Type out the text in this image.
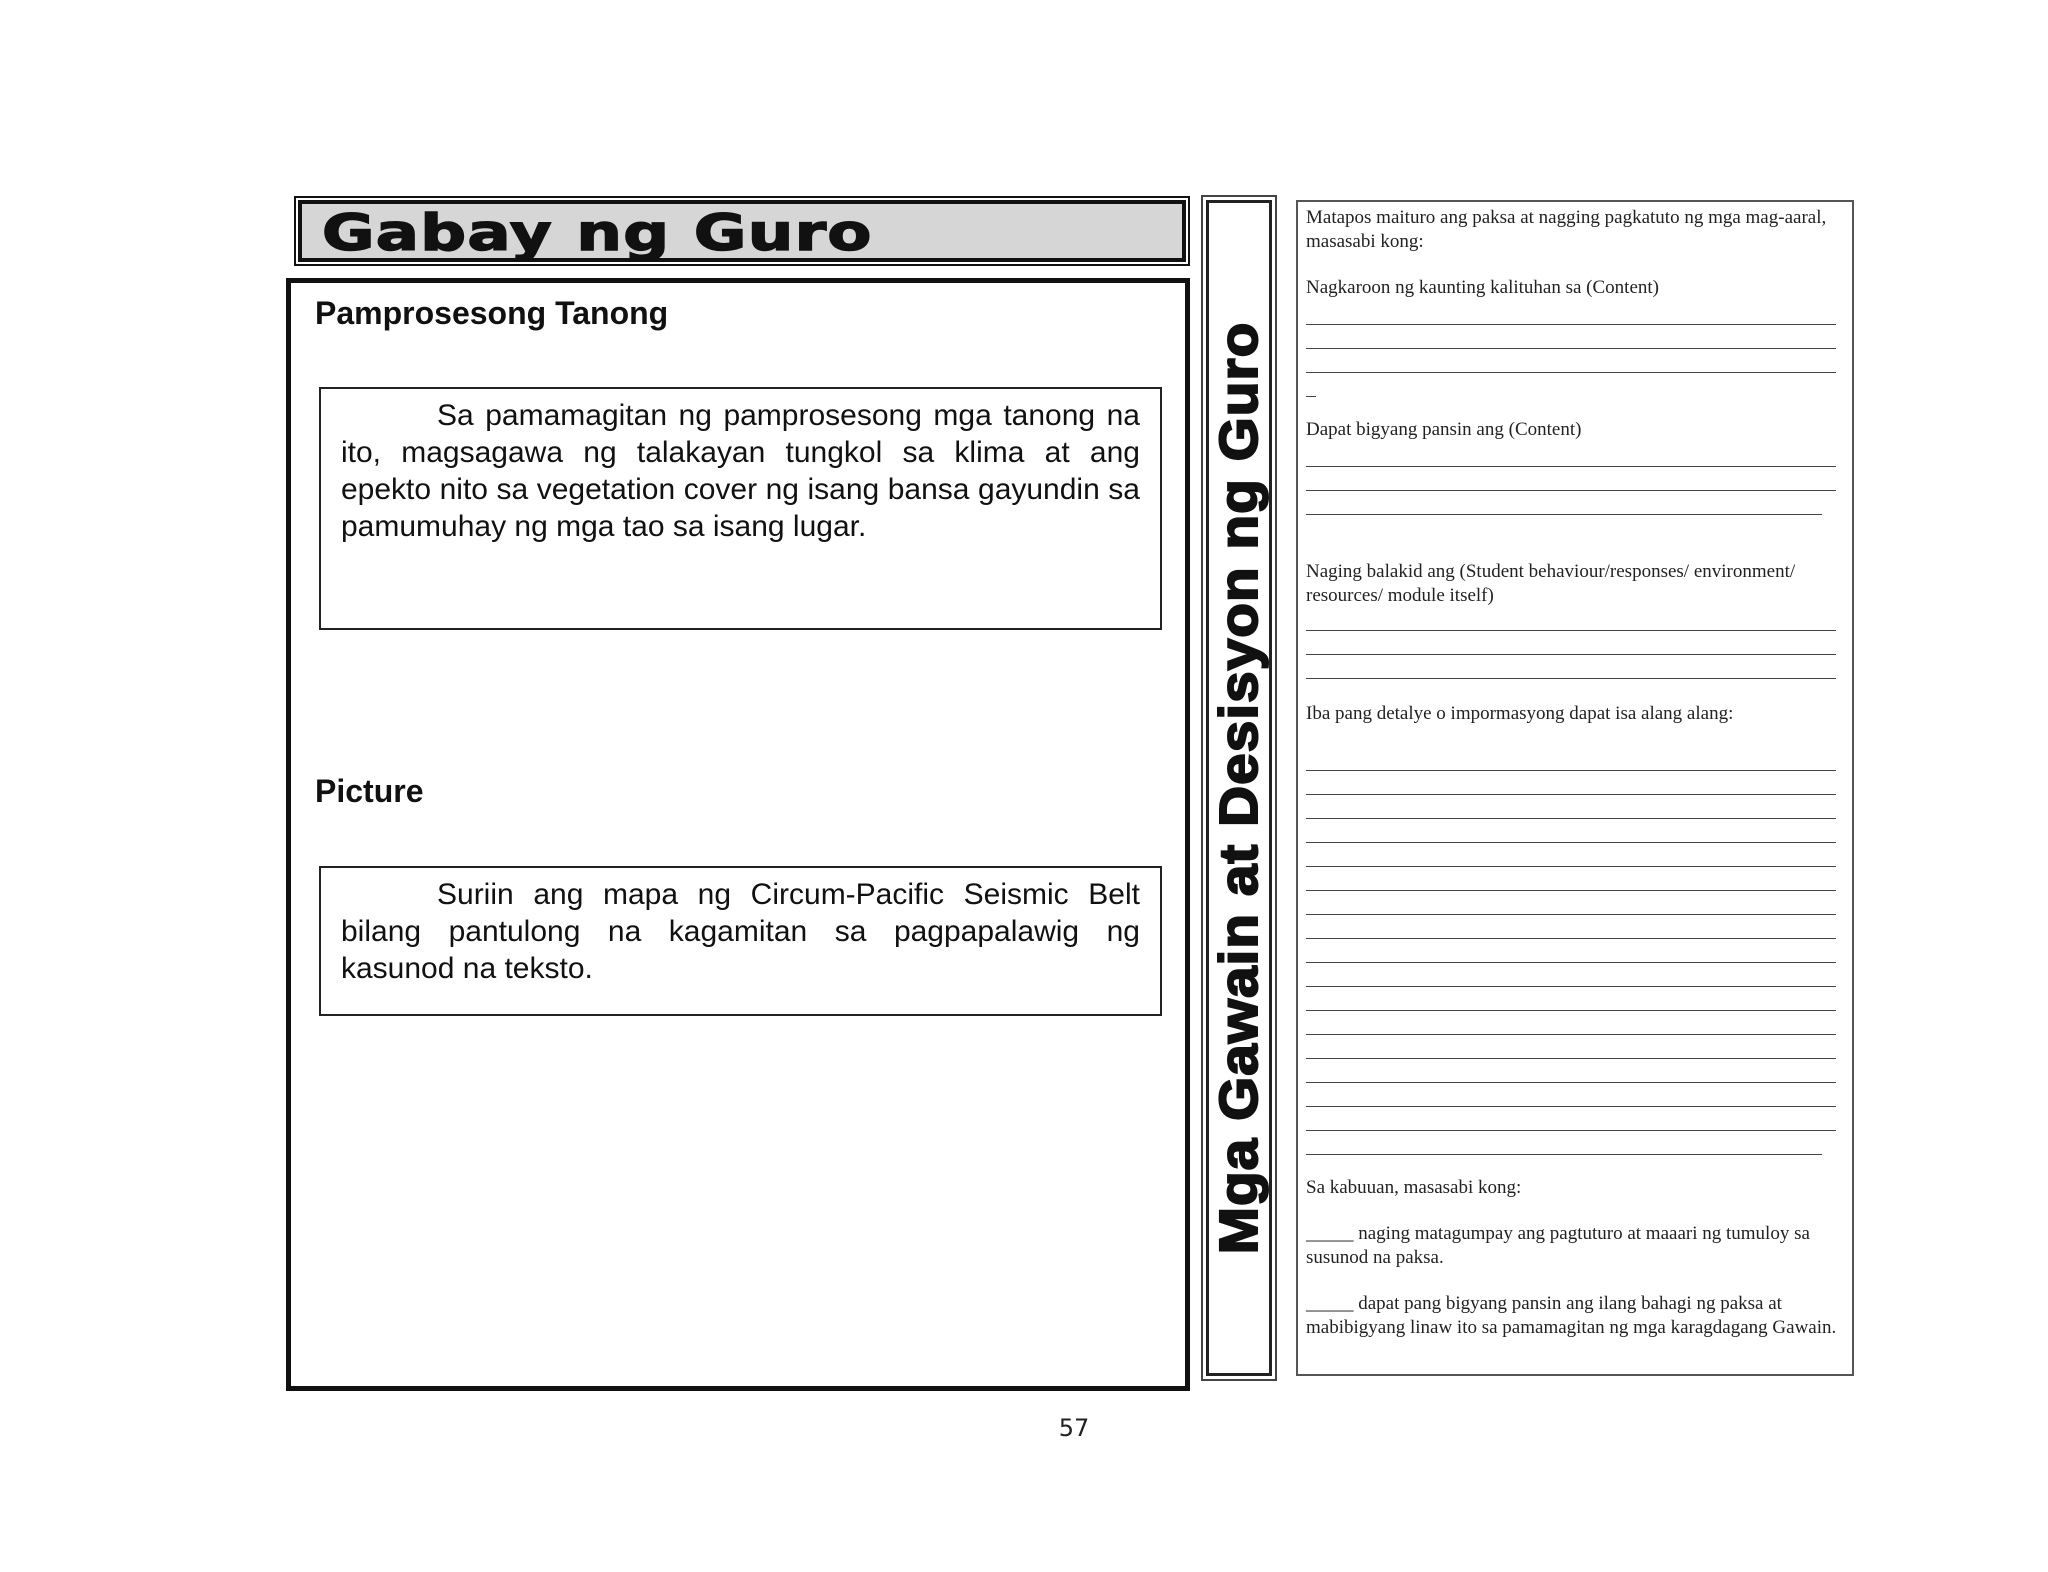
Gabay ng Guro
Pamprosesong Tanong

Sa pamamagitan ng pamprosesong mga tanong na ito, magsagawa ng talakayan tungkol sa klima at ang epekto nito sa vegetation cover ng isang bansa gayundin sa pamumuhay ng mga tao sa isang lugar.

Picture

Suriin ang mapa ng Circum-Pacific Seismic Belt bilang pantulong na kagamitan sa pagpapalawig ng kasunod na teksto.	Mga Gawain at Desisyon ng Guro
Matapos maituro ang paksa at nagging pagkatuto ng mga mag-aaral, masasabi kong:
Nagkaroon ng kaunting kalituhan sa (Content)
Dapat bigyang pansin ang (Content)
Naging balakid ang (Student behaviour/responses/ environment/ resources/ module itself)
Iba pang detalye o impormasyong dapat isa alang alang:
Sa kabuuan, masasabi kong:
_____ naging matagumpay ang pagtuturo at maaari ng tumuloy sa susunod na paksa.
_____ dapat pang bigyang pansin ang ilang bahagi ng paksa at mabibigyang linaw ito sa pamamagitan ng mga karagdagang Gawain.
57
